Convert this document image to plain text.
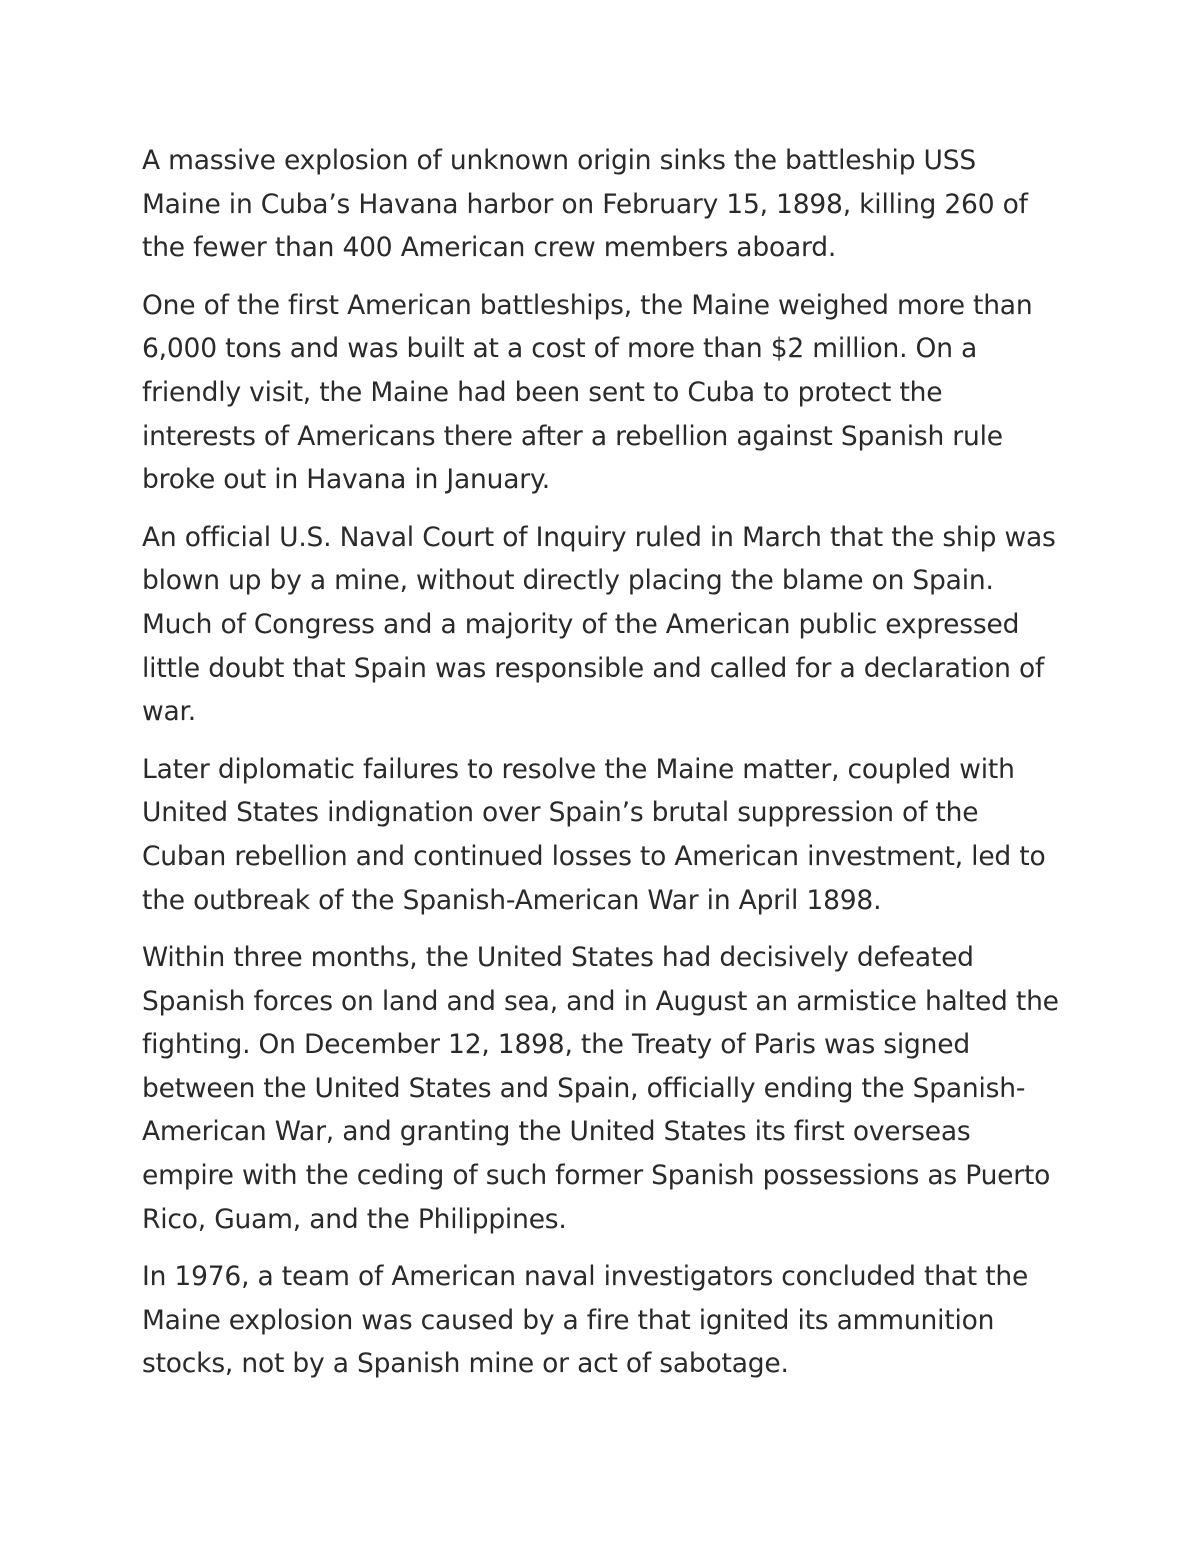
A massive explosion of unknown origin sinks the battleship USS Maine in Cuba’s Havana harbor on February 15, 1898, killing 260 of the fewer than 400 American crew members aboard.

One of the first American battleships, the Maine weighed more than 6,000 tons and was built at a cost of more than $2 million. On a friendly visit, the Maine had been sent to Cuba to protect the interests of Americans there after a rebellion against Spanish rule broke out in Havana in January.

An official U.S. Naval Court of Inquiry ruled in March that the ship was blown up by a mine, without directly placing the blame on Spain. Much of Congress and a majority of the American public expressed little doubt that Spain was responsible and called for a declaration of war.

Later diplomatic failures to resolve the Maine matter, coupled with United States indignation over Spain’s brutal suppression of the Cuban rebellion and continued losses to American investment, led to the outbreak of the Spanish-American War in April 1898.

Within three months, the United States had decisively defeated Spanish forces on land and sea, and in August an armistice halted the fighting. On December 12, 1898, the Treaty of Paris was signed between the United States and Spain, officially ending the Spanish-American War, and granting the United States its first overseas empire with the ceding of such former Spanish possessions as Puerto Rico, Guam, and the Philippines.

In 1976, a team of American naval investigators concluded that the Maine explosion was caused by a fire that ignited its ammunition stocks, not by a Spanish mine or act of sabotage.
